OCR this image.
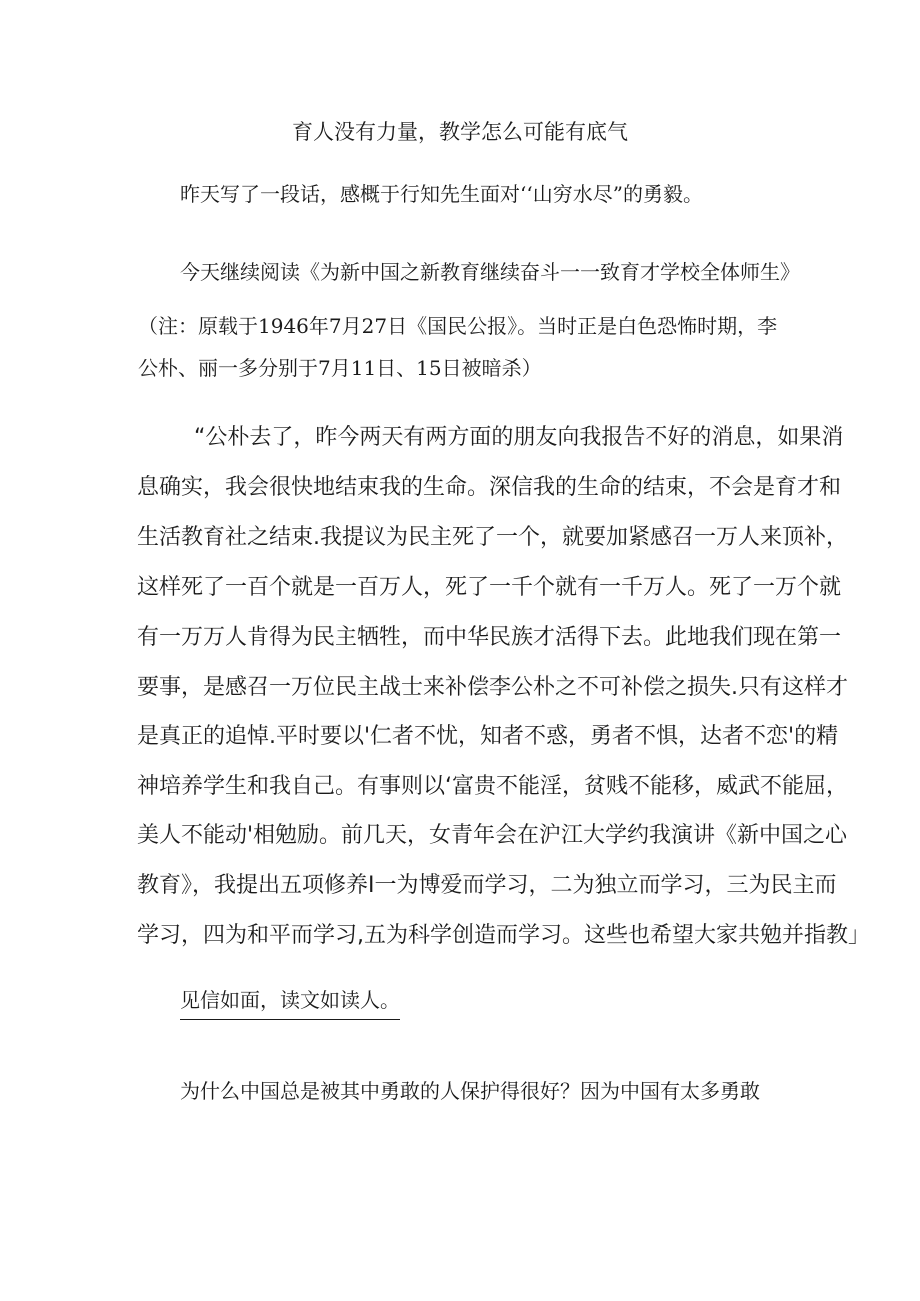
育人没有力量，教学怎么可能有底气

昨天写了一段话，感概于行知先生面对‘‘山穷水尽”的勇毅。

今天继续阅读《为新中国之新教育继续奋斗一一致育才学校全体师生》

（注：原载于1946年7月27日《国民公报》。当时正是白色恐怖时期，李

公朴、丽一多分别于7月11日、15日被暗杀）

“公朴去了，昨今两天有两方面的朋友向我报告不好的消息，如果消

息确实，我会很快地结束我的生命。深信我的生命的结束，不会是育才和

生活教育社之结束.我提议为民主死了一个，就要加紧感召一万人来顶补，

这样死了一百个就是一百万人，死了一千个就有一千万人。死了一万个就

有一万万人肯得为民主牺牲，而中华民族才活得下去。此地我们现在第一

要事，是感召一万位民主战士来补偿李公朴之不可补偿之损失.只有这样才

是真正的追悼.平时要以'仁者不忧，知者不惑，勇者不惧，达者不恋'的精

神培养学生和我自己。有事则以‘富贵不能淫，贫贱不能移，威武不能屈，

美人不能动'相勉励。前几天，女青年会在沪江大学约我演讲《新中国之心

教育》，我提出五项修养I一为博爱而学习，二为独立而学习，三为民主而

学习，四为和平而学习,五为科学创造而学习。这些也希望大家共勉并指教」

见信如面，读文如读人。
为什么中国总是被其中勇敢的人保护得很好？因为中国有太多勇敢
